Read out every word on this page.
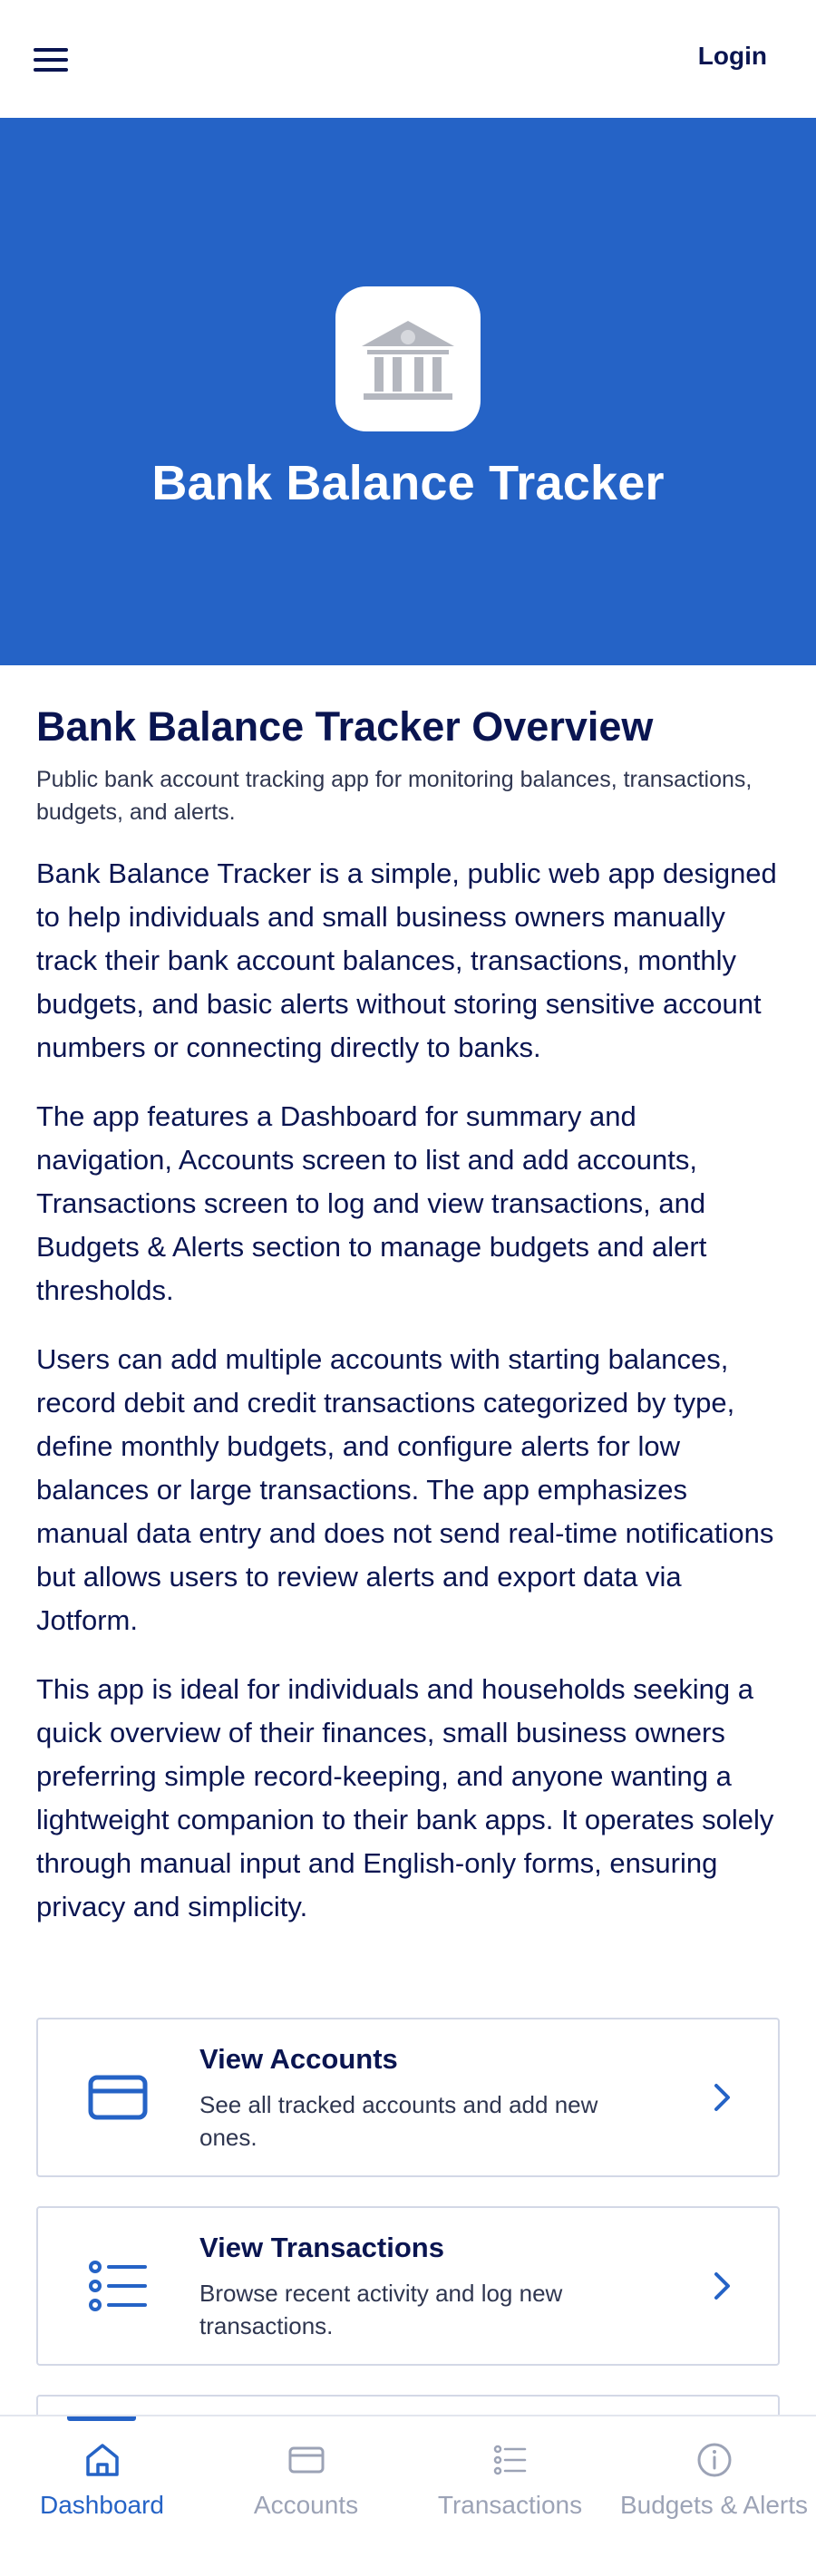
Login
Bank Balance Tracker
Bank Balance Tracker Overview

Public bank account tracking app for monitoring balances, transactions, budgets, and alerts.

Bank Balance Tracker is a simple, public web app designed to help individuals and small business owners manually track their bank account balances, transactions, monthly budgets, and basic alerts without storing sensitive account numbers or connecting directly to banks.

The app features a Dashboard for summary and navigation, Accounts screen to list and add accounts, Transactions screen to log and view transactions, and Budgets & Alerts section to manage budgets and alert thresholds.

Users can add multiple accounts with starting balances, record debit and credit transactions categorized by type, define monthly budgets, and configure alerts for low balances or large transactions. The app emphasizes manual data entry and does not send real-time notifications but allows users to review alerts and export data via Jotform.

This app is ideal for individuals and households seeking a quick overview of their finances, small business owners preferring simple record-keeping, and anyone wanting a lightweight companion to their bank apps. It operates solely through manual input and English-only forms, ensuring privacy and simplicity.

View Accounts
See all tracked accounts and add new ones.
View Transactions
Browse recent activity and log new transactions.
Dashboard	Accounts	Transactions	Budgets & Alerts
